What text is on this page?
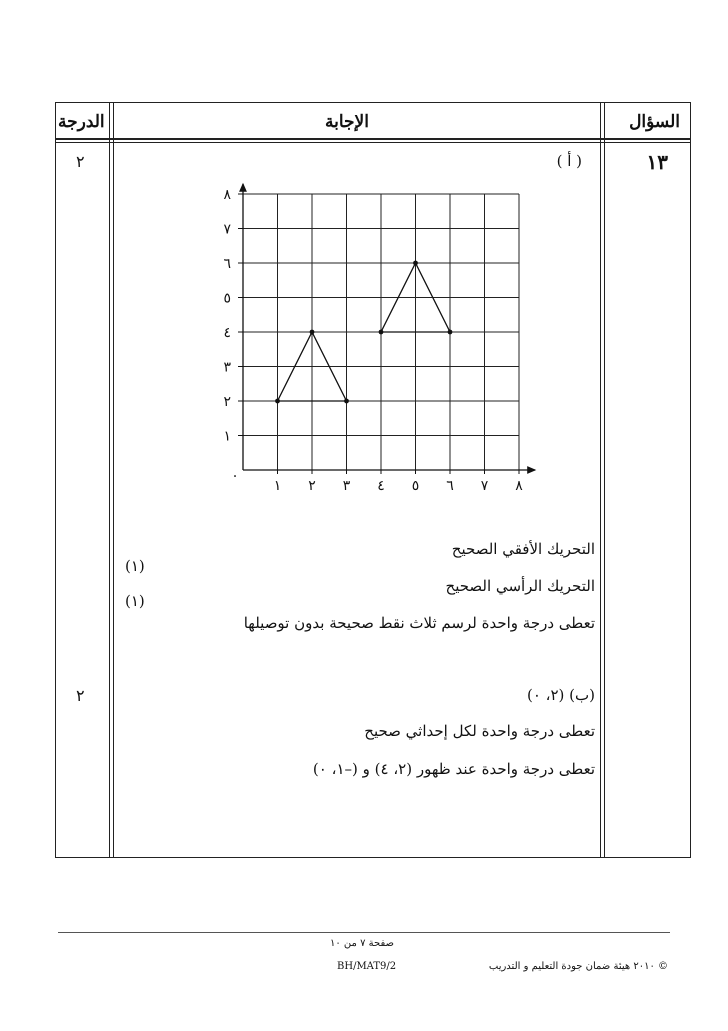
السؤال
الإجابة
الدرجة
١٣
( أ )
٢
١ ٢ ٣ ٤ ٥ ٦ ٧ ٨
١
٢
٣
٤
٥
٦
٧
٨
٠
التحريك الأفقي الصحيح
(١)
التحريك الرأسي الصحيح
(١)
تعطى درجة واحدة لرسم ثلاث نقط صحيحة بدون توصيلها
(ب) (٢، ٠)
٢
تعطى درجة واحدة لكل إحداثي صحيح
تعطى درجة واحدة عند ظهور (٢، ٤) و (–١، ٠)
صفحة ٧ من ١٠
BH/MAT9/2	© ٢٠١٠ هيئة ضمان جودة التعليم و التدريب
